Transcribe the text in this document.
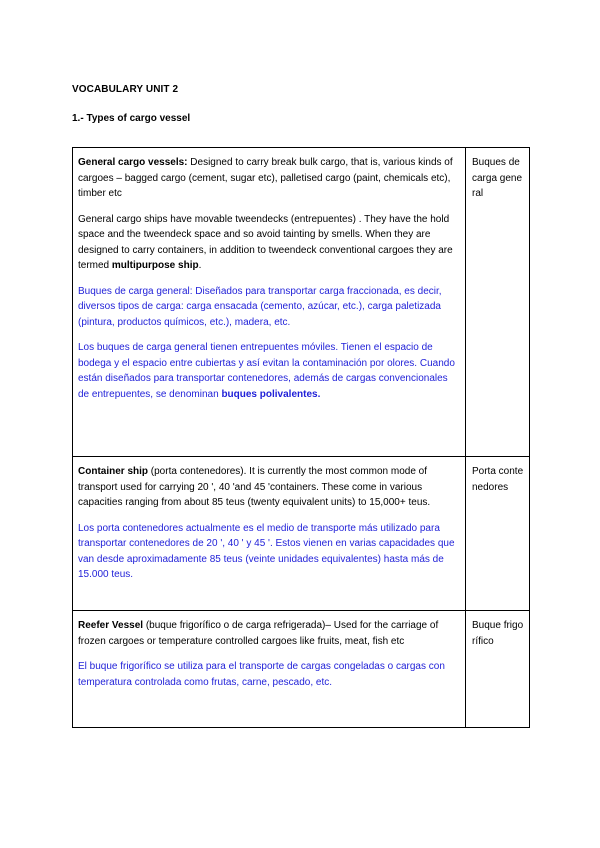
VOCABULARY UNIT 2
1.- Types of cargo vessel

General cargo vessels: Designed to carry break bulk cargo, that is, various kinds of cargoes – bagged cargo (cement, sugar etc), palletised cargo (paint, chemicals etc), timber etc

General cargo ships have movable tweendecks (entrepuentes) . They have the hold space and the tweendeck space and so avoid tainting by smells. When they are designed to carry containers, in addition to tweendeck conventional cargoes they are termed multipurpose ship.

Buques de carga general: Diseñados para transportar carga fraccionada, es decir, diversos tipos de carga: carga ensacada (cemento, azúcar, etc.), carga paletizada (pintura, productos químicos, etc.), madera, etc.

Los buques de carga general tienen entrepuentes móviles. Tienen el espacio de bodega y el espacio entre cubiertas y así evitan la contaminación por olores. Cuando están diseñados para transportar contenedores, además de cargas convencionales de entrepuentes, se denominan buques polivalentes.	Buques de carga general

Container ship (porta contenedores). It is currently the most common mode of transport used for carrying 20 ', 40 'and 45 'containers. These come in various capacities ranging from about 85 teus (twenty equivalent units) to 15,000+ teus.

Los porta contenedores actualmente es el medio de transporte más utilizado para transportar contenedores de 20 ', 40 ' y 45 '. Estos vienen en varias capacidades que van desde aproximadamente 85 teus (veinte unidades equivalentes) hasta más de 15.000 teus.	Porta contenedores

Reefer Vessel (buque frigorífico o de carga refrigerada)– Used for the carriage of frozen cargoes or temperature controlled cargoes like fruits, meat, fish etc

El buque frigorífico se utiliza para el transporte de cargas congeladas o cargas con temperatura controlada como frutas, carne, pescado, etc.	Buque frigorífico
